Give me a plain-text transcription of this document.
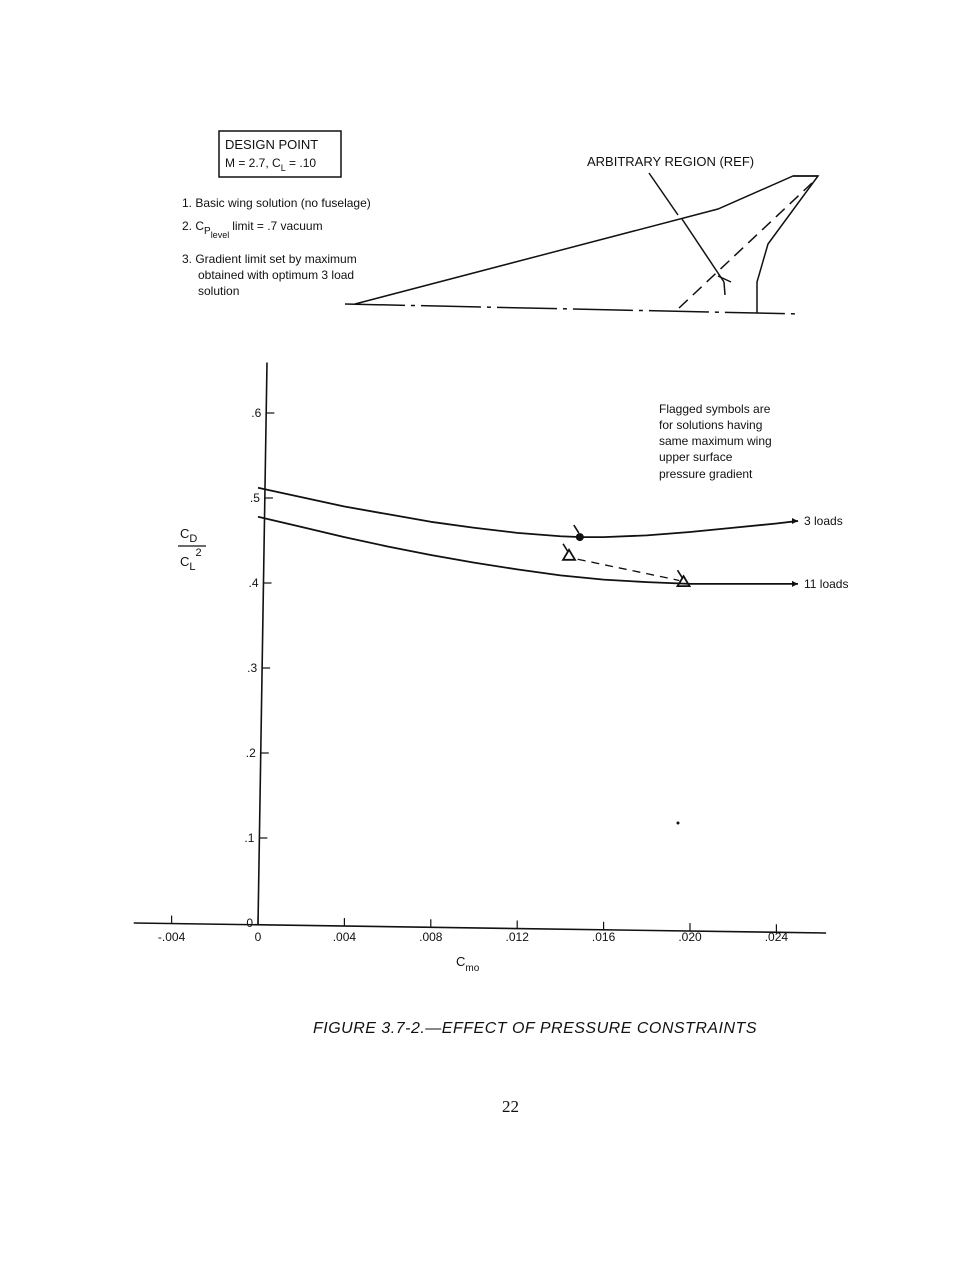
DESIGN POINT
M = 2.7, $C_L = .10$
1. Basic wing solution (no fuselage)
2. $C_{Plevel}limit = .7$ vacuum
3. Gradient limit set by maximum
obtained with optimum 3 load
solution
ARBITRARY REGION (REF)
-.004	0	.004	.008	.012	.016	.020	.024
0
.1
.2
.3
.4
.5
.6
3 loads
11 loads
Flagged symbols are
for solutions having
same maximum wing
upper surface
pressure gradient
$C_D$
$C_L^2$
$C_{mo}$
FIGURE 3.7-2.—EFFECT OF PRESSURE CONSTRAINTS
22
